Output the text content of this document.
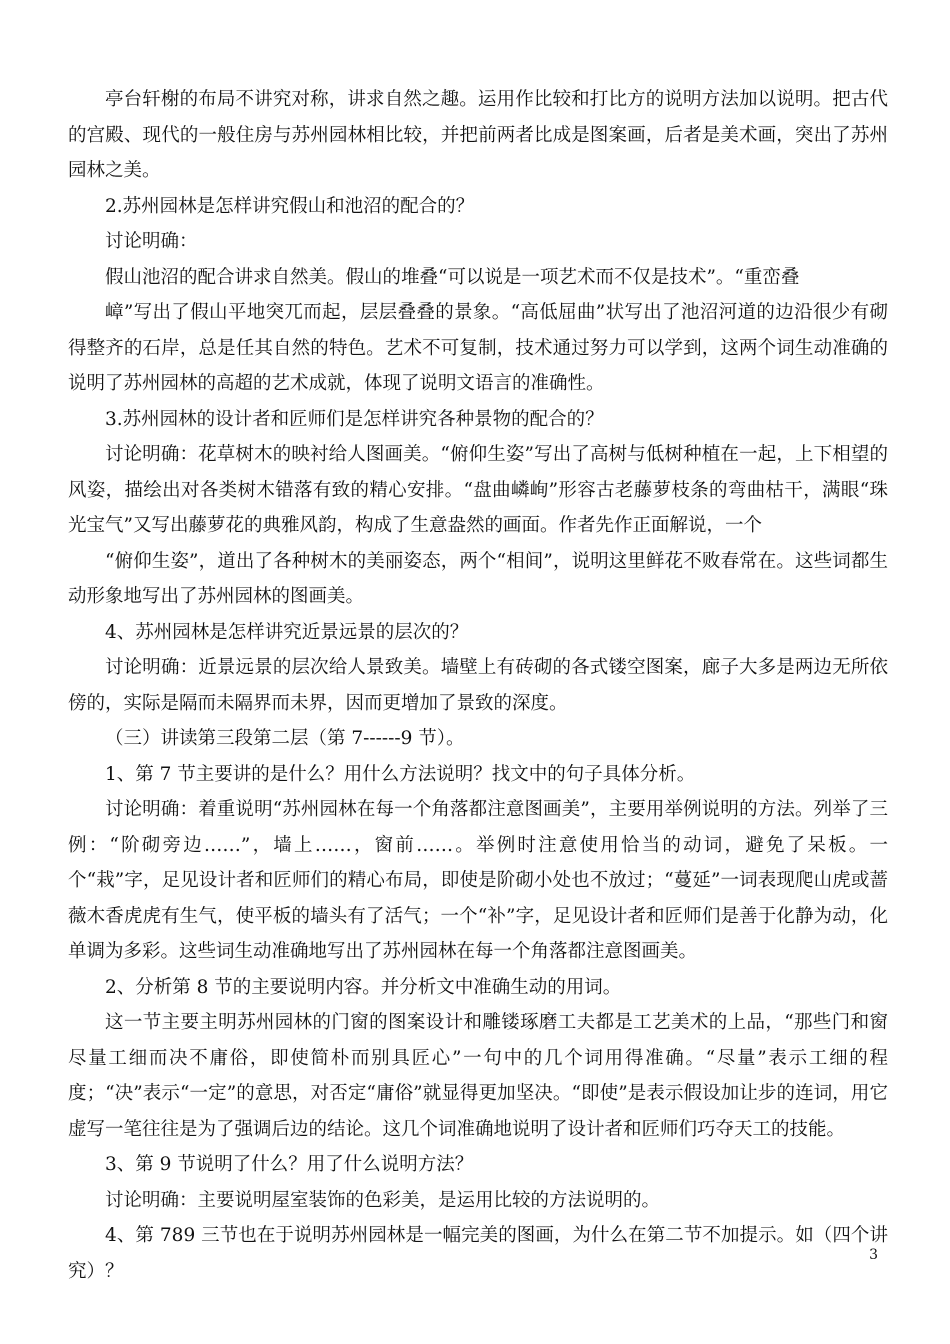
亭台轩榭的布局不讲究对称，讲求自然之趣。运用作比较和打比方的说明方法加以说明。把古代的宫殿、现代的一般住房与苏州园林相比较，并把前两者比成是图案画，后者是美术画，突出了苏州园林之美。

2.苏州园林是怎样讲究假山和池沼的配合的？

讨论明确：

假山池沼的配合讲求自然美。假山的堆叠“可以说是一项艺术而不仅是技术”。“重峦叠

嶂”写出了假山平地突兀而起，层层叠叠的景象。“高低屈曲”状写出了池沼河道的边沿很少有砌得整齐的石岸，总是任其自然的特色。艺术不可复制，技术通过努力可以学到，这两个词生动准确的说明了苏州园林的高超的艺术成就，体现了说明文语言的准确性。

3.苏州园林的设计者和匠师们是怎样讲究各种景物的配合的？

讨论明确：花草树木的映衬给人图画美。“俯仰生姿”写出了高树与低树种植在一起，上下相望的风姿，描绘出对各类树木错落有致的精心安排。“盘曲嶙峋”形容古老藤萝枝条的弯曲枯干，满眼“珠光宝气”又写出藤萝花的典雅风韵，构成了生意盎然的画面。作者先作正面解说，一个

“俯仰生姿”，道出了各种树木的美丽姿态，两个“相间”，说明这里鲜花不败春常在。这些词都生动形象地写出了苏州园林的图画美。

4、苏州园林是怎样讲究近景远景的层次的？

讨论明确：近景远景的层次给人景致美。墙壁上有砖砌的各式镂空图案，廊子大多是两边无所依傍的，实际是隔而未隔界而未界，因而更增加了景致的深度。

（三）讲读第三段第二层（第 7------9 节）。

1、第 7 节主要讲的是什么？用什么方法说明？找文中的句子具体分析。

讨论明确：着重说明“苏州园林在每一个角落都注意图画美”，主要用举例说明的方法。列举了三例：“阶砌旁边……”，墙上……，窗前……。举例时注意使用恰当的动词，避免了呆板。一个“栽”字，足见设计者和匠师们的精心布局，即使是阶砌小处也不放过；“蔓延”一词表现爬山虎或蔷薇木香虎虎有生气，使平板的墙头有了活气；一个“补”字，足见设计者和匠师们是善于化静为动，化单调为多彩。这些词生动准确地写出了苏州园林在每一个角落都注意图画美。

2、分析第 8 节的主要说明内容。并分析文中准确生动的用词。

这一节主要主明苏州园林的门窗的图案设计和雕镂琢磨工夫都是工艺美术的上品，“那些门和窗尽量工细而决不庸俗，即使简朴而别具匠心”一句中的几个词用得准确。“尽量”表示工细的程度；“决”表示“一定”的意思，对否定“庸俗”就显得更加坚决。“即使”是表示假设加让步的连词，用它虚写一笔往往是为了强调后边的结论。这几个词准确地说明了设计者和匠师们巧夺天工的技能。

3、第 9 节说明了什么？用了什么说明方法？

讨论明确：主要说明屋室装饰的色彩美，是运用比较的方法说明的。

4、第 789 三节也在于说明苏州园林是一幅完美的图画，为什么在第二节不加提示。如（四个讲究）？

3
